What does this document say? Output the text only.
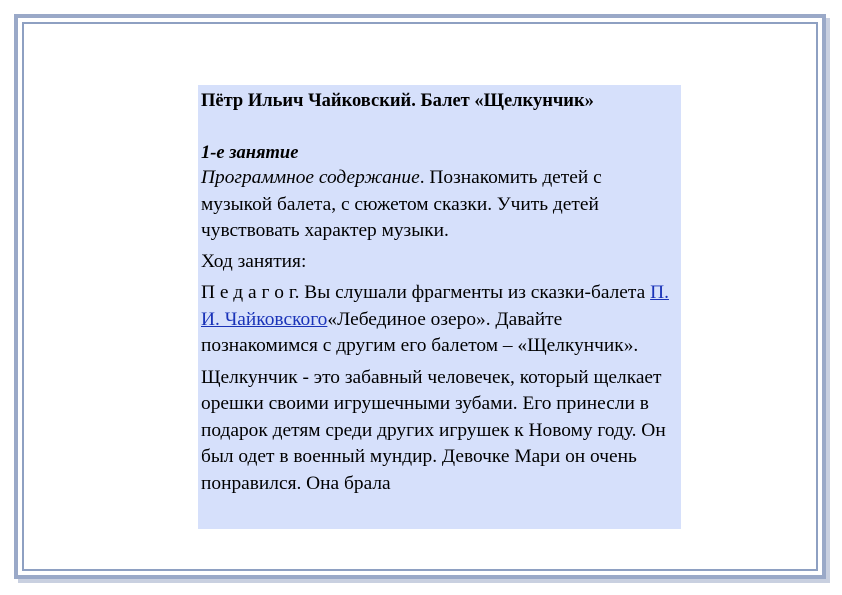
Пётр Ильич Чайковский. Балет «Щелкунчик»

1-е занятие

Программное содержание. Познакомить детей с музыкой балета, с сюжетом сказки. Учить детей чувствовать характер музыки.

Ход занятия:

П е д а г о г. Вы слушали фрагменты из сказки-балета П. И. Чайковского«Лебединое озеро». Давайте познакомимся с другим его балетом – «Щелкунчик».

Щелкунчик - это забавный человечек, который щелкает орешки своими игрушечными зубами. Его принесли в подарок детям среди других игрушек к Новому году. Он был одет в военный мундир. Девочке Мари он очень понравился. Она брала
